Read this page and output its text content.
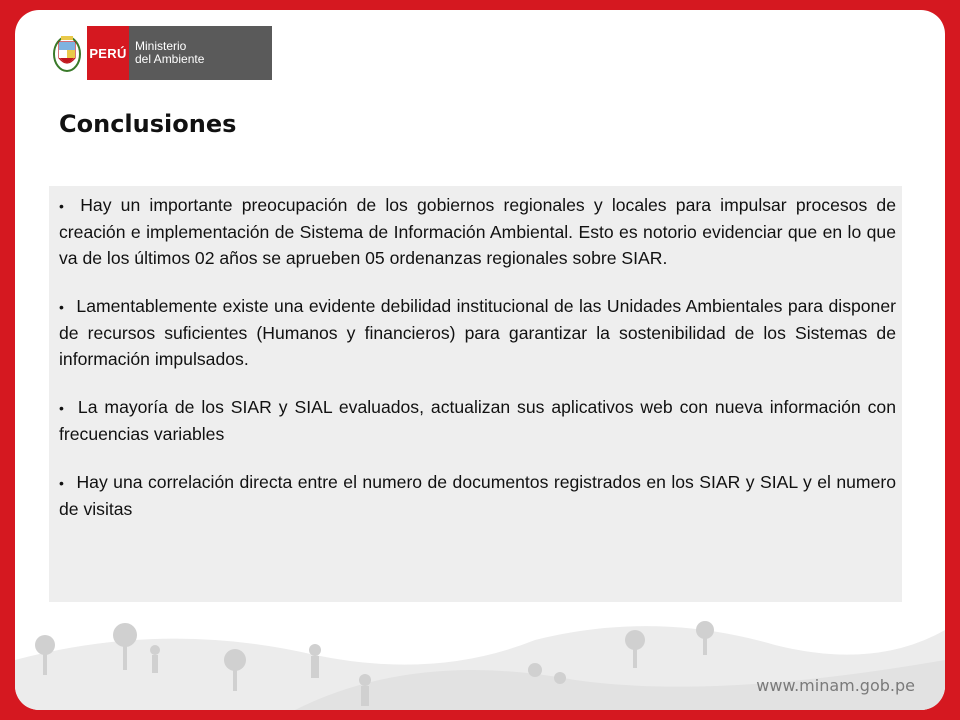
PERÚ Ministerio
del Ambiente
Conclusiones
• Hay un importante preocupación de los gobiernos regionales y locales para impulsar procesos de creación e implementación de Sistema de Información Ambiental. Esto es notorio evidenciar que en lo que va de los últimos 02 años se aprueben 05 ordenanzas regionales sobre SIAR.
• Lamentablemente existe una evidente debilidad institucional de las Unidades Ambientales para disponer de recursos suficientes (Humanos y financieros) para garantizar la sostenibilidad de los Sistemas de información impulsados.
• La mayoría de los SIAR y SIAL evaluados, actualizan sus aplicativos web con nueva información con frecuencias variables
• Hay una correlación directa entre el numero de documentos registrados en los SIAR y SIAL y el numero de visitas
www.minam.gob.pe
